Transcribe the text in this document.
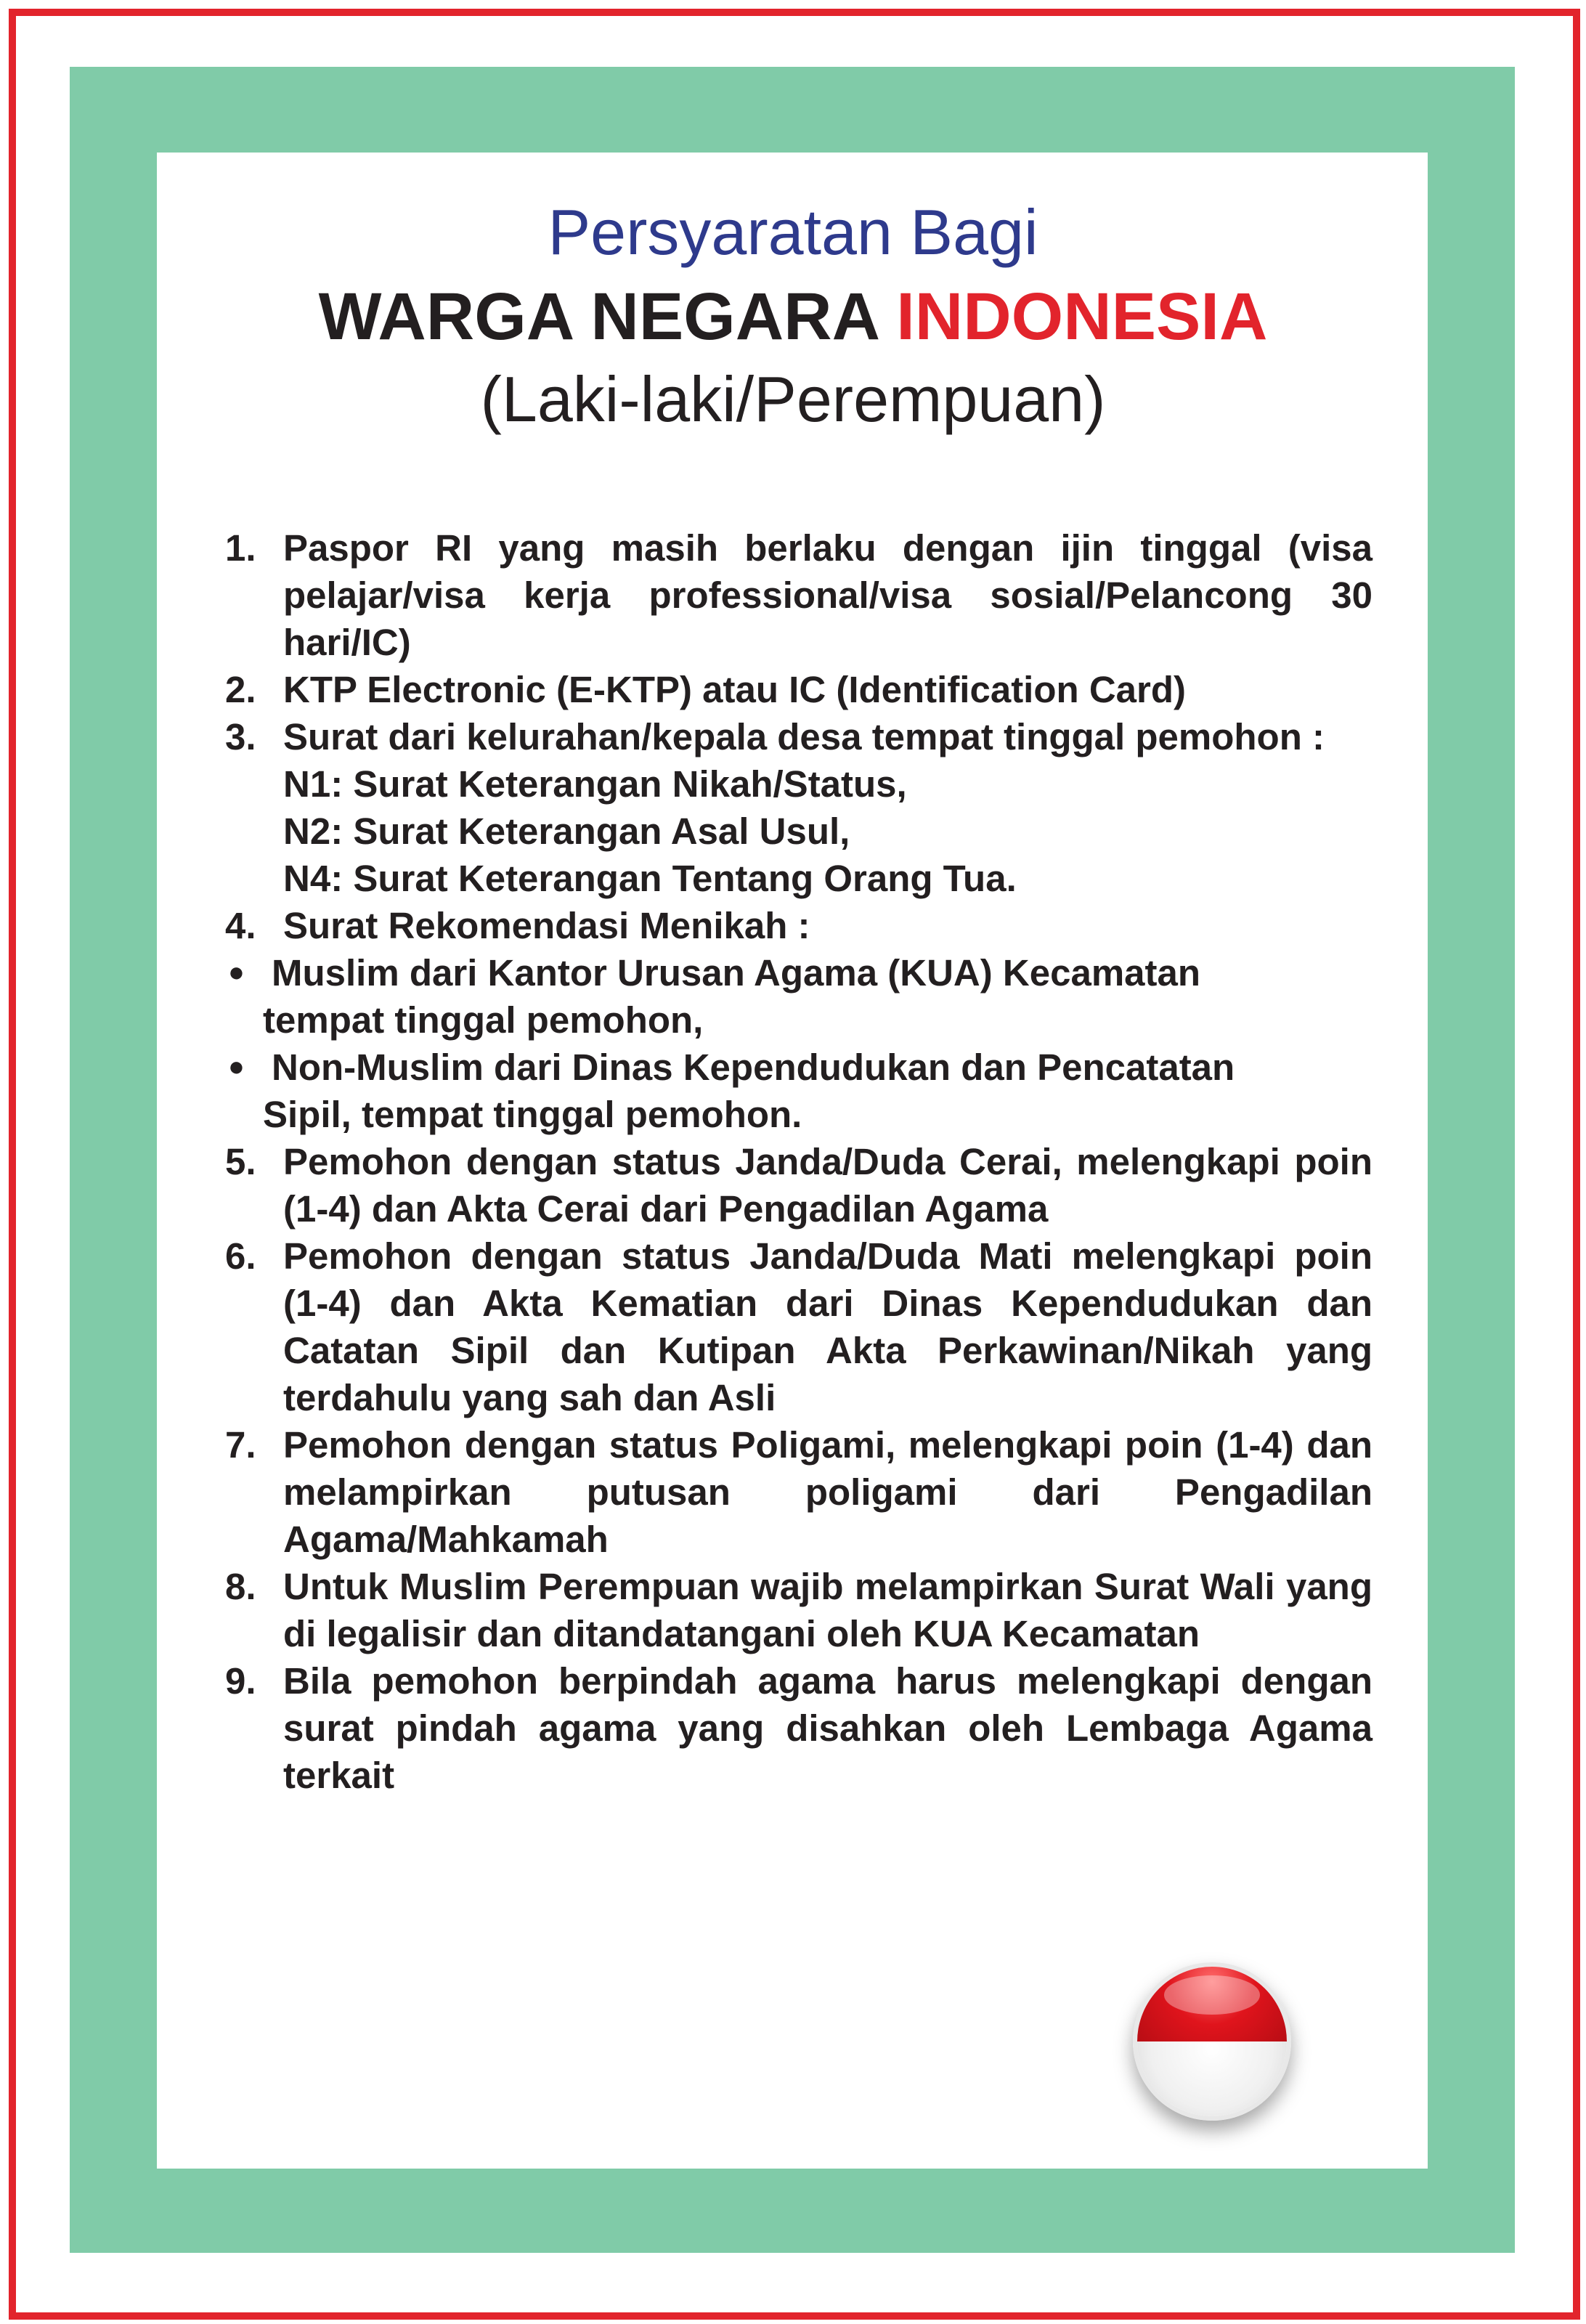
Persyaratan Bagi
WARGA NEGARA INDONESIA
(Laki-laki/Perempuan)
1. Paspor RI yang masih berlaku dengan ijin tinggal (visa pelajar/visa kerja professional/visa sosial/Pelancong 30 hari/IC)
2. KTP Electronic (E-KTP) atau IC (Identification Card)
3. Surat dari kelurahan/kepala desa tempat tinggal pemohon :
N1: Surat Keterangan Nikah/Status,
N2: Surat Keterangan Asal Usul,
N4: Surat Keterangan Tentang Orang Tua.
4. Surat Rekomendasi Menikah :
● Muslim dari Kantor Urusan Agama (KUA) Kecamatan
tempat tinggal pemohon,
● Non-Muslim dari Dinas Kependudukan dan Pencatatan
Sipil, tempat tinggal pemohon.
5. Pemohon dengan status Janda/Duda Cerai, melengkapi poin (1-4) dan Akta Cerai dari Pengadilan Agama
6. Pemohon dengan status Janda/Duda Mati melengkapi poin (1-4) dan Akta Kematian dari Dinas Kependudukan dan Catatan Sipil dan Kutipan Akta Perkawinan/Nikah yang terdahulu yang sah dan Asli
7. Pemohon dengan status Poligami, melengkapi poin (1-4) dan melampirkan putusan poligami dari Pengadilan Agama/Mahkamah
8. Untuk Muslim Perempuan wajib melampirkan Surat Wali yang di legalisir dan ditandatangani oleh KUA Kecamatan
9. Bila pemohon berpindah agama harus melengkapi dengan surat pindah agama yang disahkan oleh Lembaga Agama terkait
